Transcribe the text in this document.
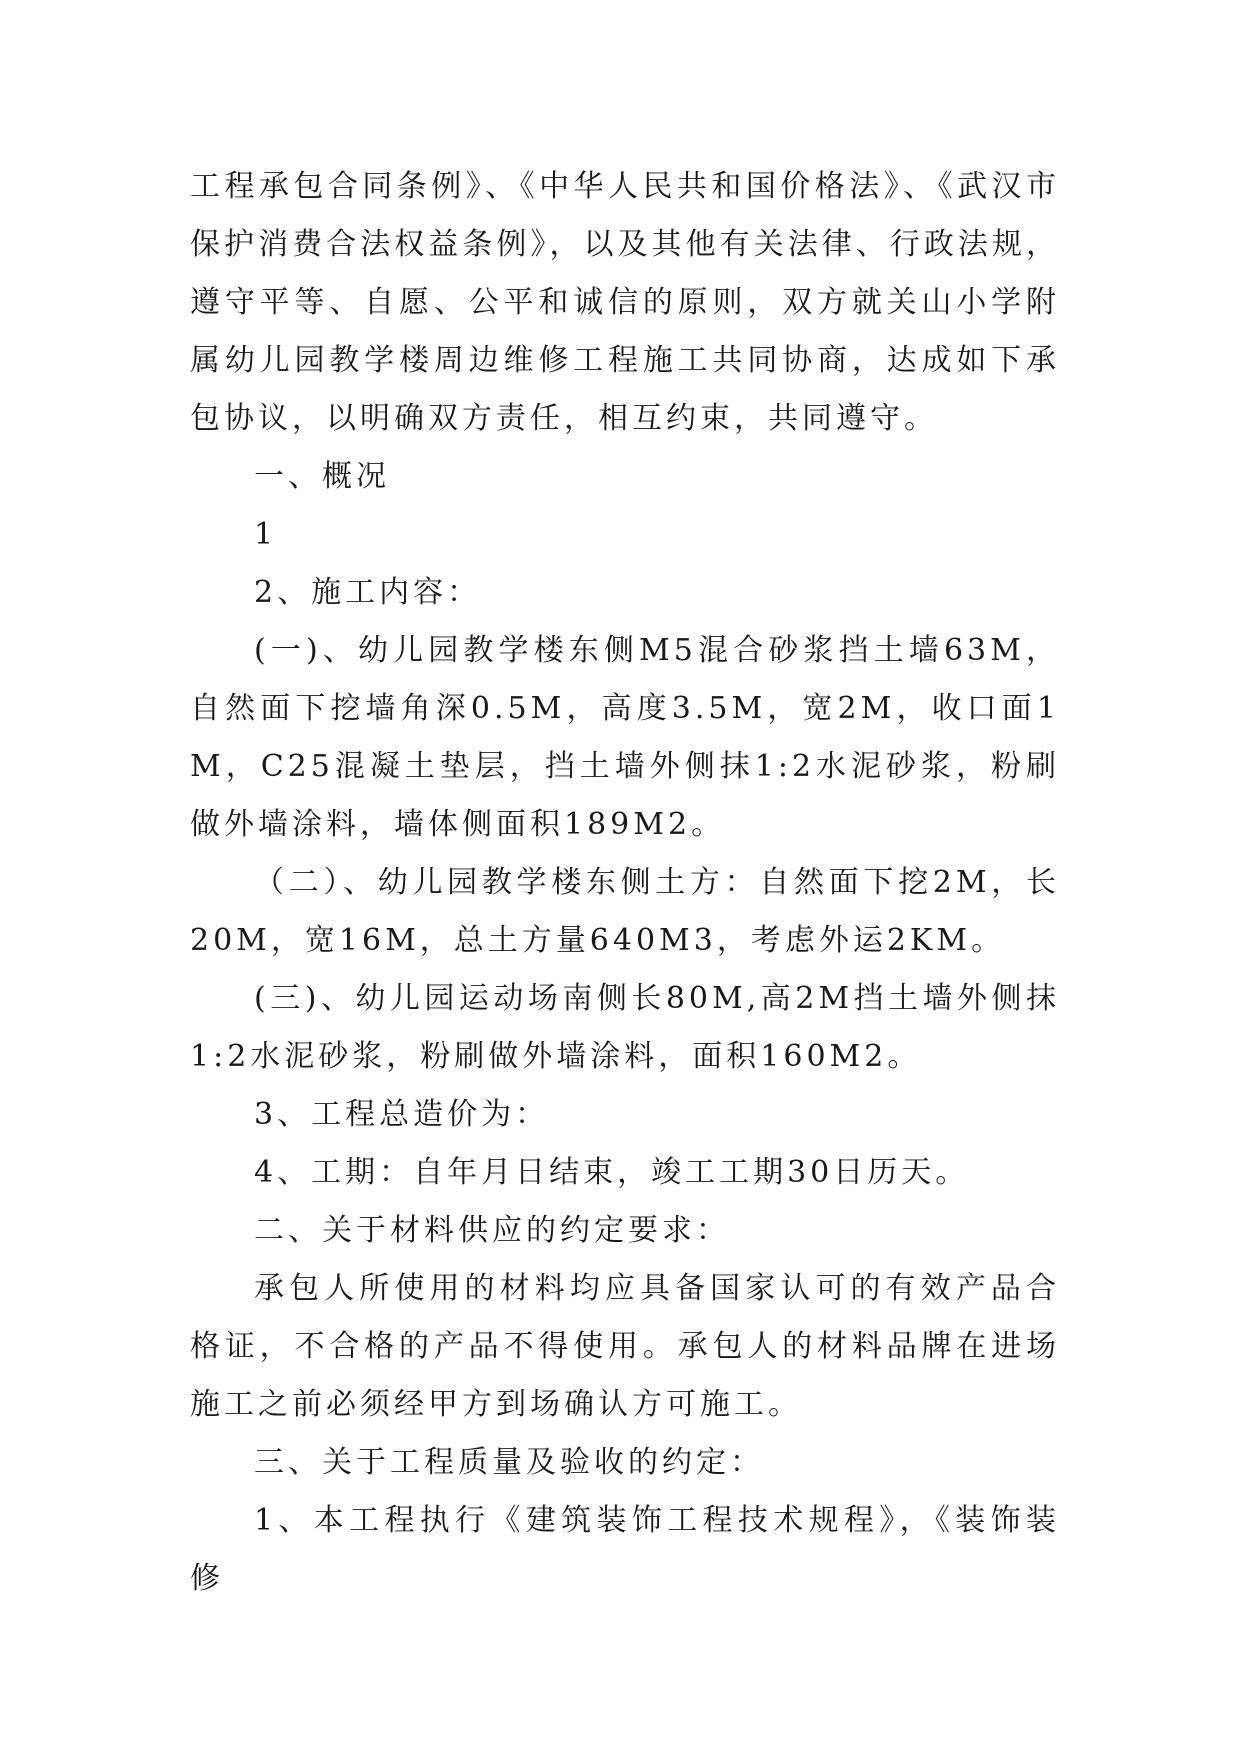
工程承包合同条例》、《中华人民共和国价格法》、《武汉市保护消费合法权益条例》，以及其他有关法律、行政法规，遵守平等、自愿、公平和诚信的原则，双方就关山小学附属幼儿园教学楼周边维修工程施工共同协商，达成如下承包协议，以明确双方责任，相互约束，共同遵守。

一、概况

1

2、施工内容：

(一)、幼儿园教学楼东侧M5混合砂浆挡土墙63M，自然面下挖墙角深0.5M，高度3.5M，宽2M，收口面1M，C25混凝土垫层，挡土墙外侧抹1:2水泥砂浆，粉刷做外墙涂料，墙体侧面积189M2。

（二）、幼儿园教学楼东侧土方：自然面下挖2M，长20M，宽16M，总土方量640M3，考虑外运2KM。

(三)、幼儿园运动场南侧长80M,高2M挡土墙外侧抹1:2水泥砂浆，粉刷做外墙涂料，面积160M2。

3、工程总造价为：

4、工期：自年月日结束，竣工工期30日历天。

二、关于材料供应的约定要求：

承包人所使用的材料均应具备国家认可的有效产品合格证，不合格的产品不得使用。承包人的材料品牌在进场施工之前必须经甲方到场确认方可施工。

三、关于工程质量及验收的约定：

1、本工程执行《建筑装饰工程技术规程》，《装饰装修
